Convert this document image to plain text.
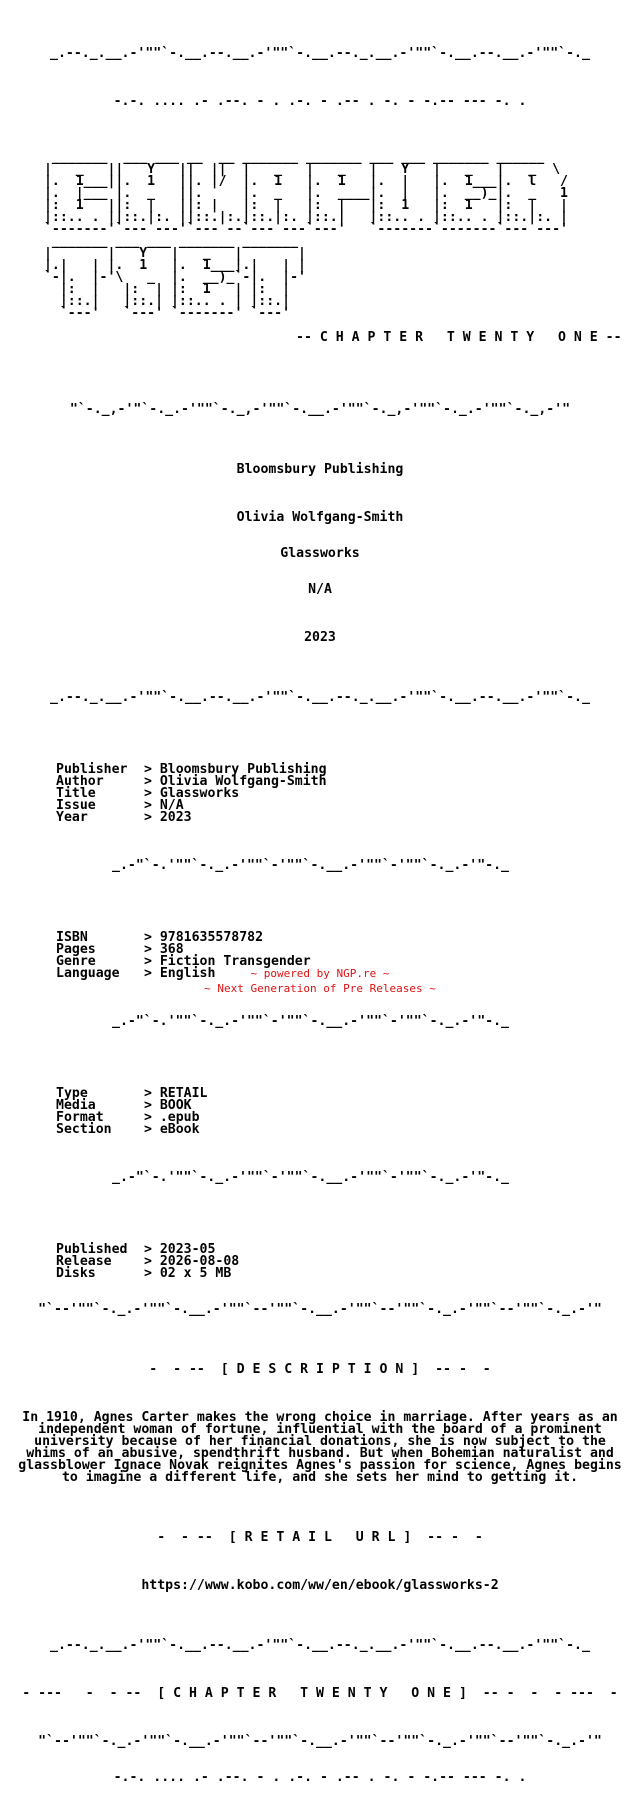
_.--._.__.-'""`-.__.--.__.-'""`-.__.--._.__.-'""`-.__.--.__.-'""`-._

-.-. .... .- .--. - . .-. - .-- . -. - -.-- --- -. .

_______  ___ ___ __  __ _______ _______ ___ ___ _______ ______
|   _   ||   Y   ||  ||  |   _   |   _   |   Y   |   _   |   _  \
|.  1___||.  1   ||. |/  |.  1   |.  1   |.  |   |.  1___|.  l   /
|.  |___ |.  _   ||.     |.  _   |.  ____|.  |   |.  __)_|.  _   1
|:  1   ||:  |   ||: |   |:  |   |:  |   |:  1   |:  1   |:  |   |
|::.. . ||::.|:. ||::.|:.|::.|:. |::.|   |::.. . |::.. . |::.|:. |
`-------'`--- ---'`--- --`--- ---`---'   `-------`-------`--- ---'
_______ ___ ___ _______ _______
|       |   Y   |   _   |       |
|.|   | |.  1   |.  1___|.|   | |
`-|.  |-'\   _  |.  __)_`-|.  |-'
|:  |   |:  | |:  1   | |:  |
|::.|   |::.| |::.. . | |::.|
`---'   `---' `-------' `---'

-- C H A P T E R   T W E N T Y   O N E --

"`-._,-'"`-._.-'""`-._,-'""`-.__.-'""`-._,-'""`-._.-'""`-._,-'"

Bloomsbury Publishing

Olivia Wolfgang-Smith

Glassworks

N/A

2023

_.--._.__.-'""`-.__.--.__.-'""`-.__.--._.__.-'""`-.__.--.__.-'""`-._

Publisher > Bloomsbury Publishing
Author > Olivia Wolfgang-Smith
Title	> Glassworks
Issue	> N/A
Year	> 2023

_.-"`-.'""`-._.-'""`-'""`-.__.-'""`-'""`-._.-'"-._

ISBN	> 9781635578782
Pages	> 368
Genre	> Fiction Transgender
Language > English

_.-"`-.'""`-._.-'""`-'""`-.__.-'""`-'""`-._.-'"-._

Type	> RETAIL
Media	> BOOK
Format > .epub
Section > eBook

_.-"`-.'""`-._.-'""`-'""`-.__.-'""`-'""`-._.-'"-._

Published > 2023-05
Release > 2026-08-08
Disks	> 02 x 5 MB

"`--'""`-._.-'""`-.__.-'""`--'""`-.__.-'""`--'""`-._.-'""`--'""`-._.-'"

-  - --  [ D E S C R I P T I O N ]  -- -  -

In 1910, Agnes Carter makes the wrong choice in marriage. After years as an independent woman of fortune, influential with the board of a prominent university because of her financial donations, she is now subject to the whims of an abusive, spendthrift husband. But when Bohemian naturalist and glassblower Ignace Novak reignites Agnes's passion for science, Agnes begins to imagine a different life, and she sets her mind to getting it.

-  - --  [ R E T A I L   U R L ]  -- -  -

https://www.kobo.com/ww/en/ebook/glassworks-2

_.--._.__.-'""`-.__.--.__.-'""`-.__.--._.__.-'""`-.__.--.__.-'""`-._

- ---   -  - --  [ C H A P T E R   T W E N T Y   O N E ]  -- -  -  - ---  -

"`--'""`-._.-'""`-.__.-'""`--'""`-.__.-'""`--'""`-._.-'""`--'""`-._.-'"

-.-. .... .- .--. - . .-. - .-- . -. - -.-- --- -. .

~ powered by NGP.re ~
~ Next Generation of Pre Releases ~
